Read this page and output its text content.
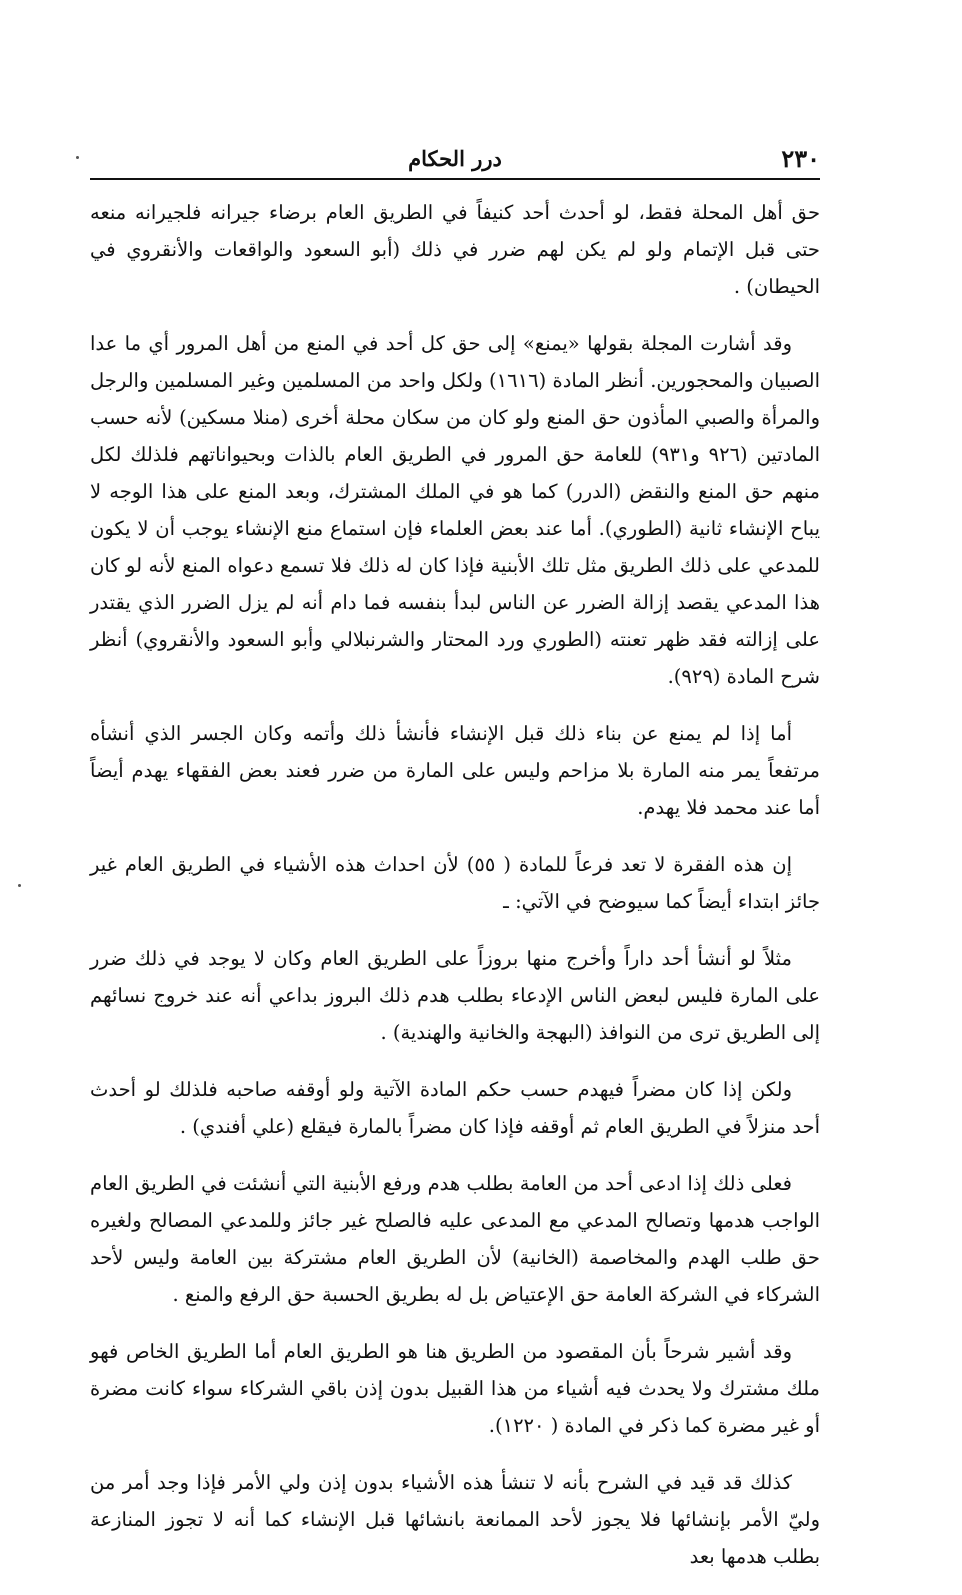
٢٣٠
درر الحكام

حق أهل المحلة فقط، لو أحدث أحد كنيفاً في الطريق العام برضاء جيرانه فلجيرانه منعه حتى قبل الإتمام ولو لم يكن لهم ضرر في ذلك (أبو السعود والواقعات والأنقروي في الحيطان) .

وقد أشارت المجلة بقولها «يمنع» إلى حق كل أحد في المنع من أهل المرور أي ما عدا الصبيان والمحجورين. أنظر المادة (١٦١٦) ولكل واحد من المسلمين وغير المسلمين والرجل والمرأة والصبي المأذون حق المنع ولو كان من سكان محلة أخرى (منلا مسكين) لأنه حسب المادتين (٩٢٦ و٩٣١) للعامة حق المرور في الطريق العام بالذات وبحيواناتهم فلذلك لكل منهم حق المنع والنقض (الدرر) كما هو في الملك المشترك، وبعد المنع على هذا الوجه لا يباح الإنشاء ثانية (الطوري). أما عند بعض العلماء فإن استماع منع الإنشاء يوجب أن لا يكون للمدعي على ذلك الطريق مثل تلك الأبنية فإذا كان له ذلك فلا تسمع دعواه المنع لأنه لو كان هذا المدعي يقصد إزالة الضرر عن الناس لبدأ بنفسه فما دام أنه لم يزل الضرر الذي يقتدر على إزالته فقد ظهر تعنته (الطوري ورد المحتار والشرنبلالي وأبو السعود والأنقروي) أنظر شرح المادة (٩٢٩).

أما إذا لم يمنع عن بناء ذلك قبل الإنشاء فأنشأ ذلك وأتمه وكان الجسر الذي أنشأه مرتفعاً يمر منه المارة بلا مزاحم وليس على المارة من ضرر فعند بعض الفقهاء يهدم أيضاً أما عند محمد فلا يهدم.

إن هذه الفقرة لا تعد فرعاً للمادة ( ٥٥) لأن احداث هذه الأشياء في الطريق العام غير جائز ابتداء أيضاً كما سيوضح في الآتي: ـ

مثلاً لو أنشأ أحد داراً وأخرج منها بروزاً على الطريق العام وكان لا يوجد في ذلك ضرر على المارة فليس لبعض الناس الإدعاء بطلب هدم ذلك البروز بداعي أنه عند خروج نسائهم إلى الطريق ترى من النوافذ (البهجة والخانية والهندية) .

ولكن إذا كان مضراً فيهدم حسب حكم المادة الآتية ولو أوقفه صاحبه فلذلك لو أحدث أحد منزلاً في الطريق العام ثم أوقفه فإذا كان مضراً بالمارة فيقلع (علي أفندي) .

فعلى ذلك إذا ادعى أحد من العامة بطلب هدم ورفع الأبنية التي أنشئت في الطريق العام الواجب هدمها وتصالح المدعي مع المدعى عليه فالصلح غير جائز وللمدعي المصالح ولغيره حق طلب الهدم والمخاصمة (الخانية) لأن الطريق العام مشتركة بين العامة وليس لأحد الشركاء في الشركة العامة حق الإعتياض بل له بطريق الحسبة حق الرفع والمنع .

وقد أشير شرحاً بأن المقصود من الطريق هنا هو الطريق العام أما الطريق الخاص فهو ملك مشترك ولا يحدث فيه أشياء من هذا القبيل بدون إذن باقي الشركاء سواء كانت مضرة أو غير مضرة كما ذكر في المادة ( ١٢٢٠).

كذلك قد قيد في الشرح بأنه لا تنشأ هذه الأشياء بدون إذن ولي الأمر فإذا وجد أمر من وليّ الأمر بإنشائها فلا يجوز لأحد الممانعة بانشائها قبل الإنشاء كما أنه لا تجوز المنازعة بطلب هدمها بعد
